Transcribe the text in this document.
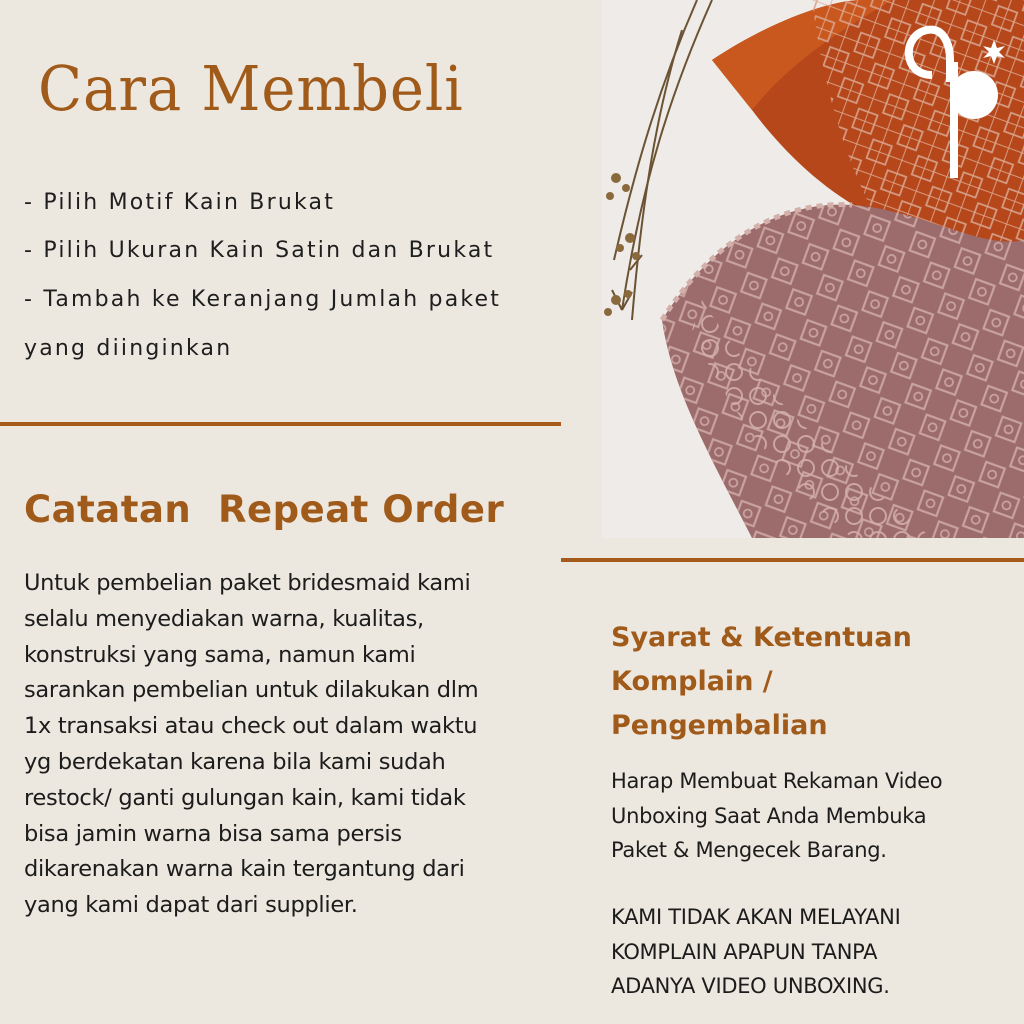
Cara Membeli
- Pilih Motif Kain Brukat
- Pilih Ukuran Kain Satin dan Brukat
- Tambah ke Keranjang Jumlah paket
yang diinginkan
Catatan  Repeat Order
Untuk pembelian paket bridesmaid kami
selalu menyediakan warna, kualitas,
konstruksi yang sama, namun kami
sarankan pembelian untuk dilakukan dlm
1x transaksi atau check out dalam waktu
yg berdekatan karena bila kami sudah
restock/ ganti gulungan kain, kami tidak
bisa jamin warna bisa sama persis
dikarenakan warna kain tergantung dari
yang kami dapat dari supplier.
Syarat & Ketentuan
Komplain /
Pengembalian
Harap Membuat Rekaman Video
Unboxing Saat Anda Membuka
Paket & Mengecek Barang.
KAMI TIDAK AKAN MELAYANI
KOMPLAIN APAPUN TANPA
ADANYA VIDEO UNBOXING.
